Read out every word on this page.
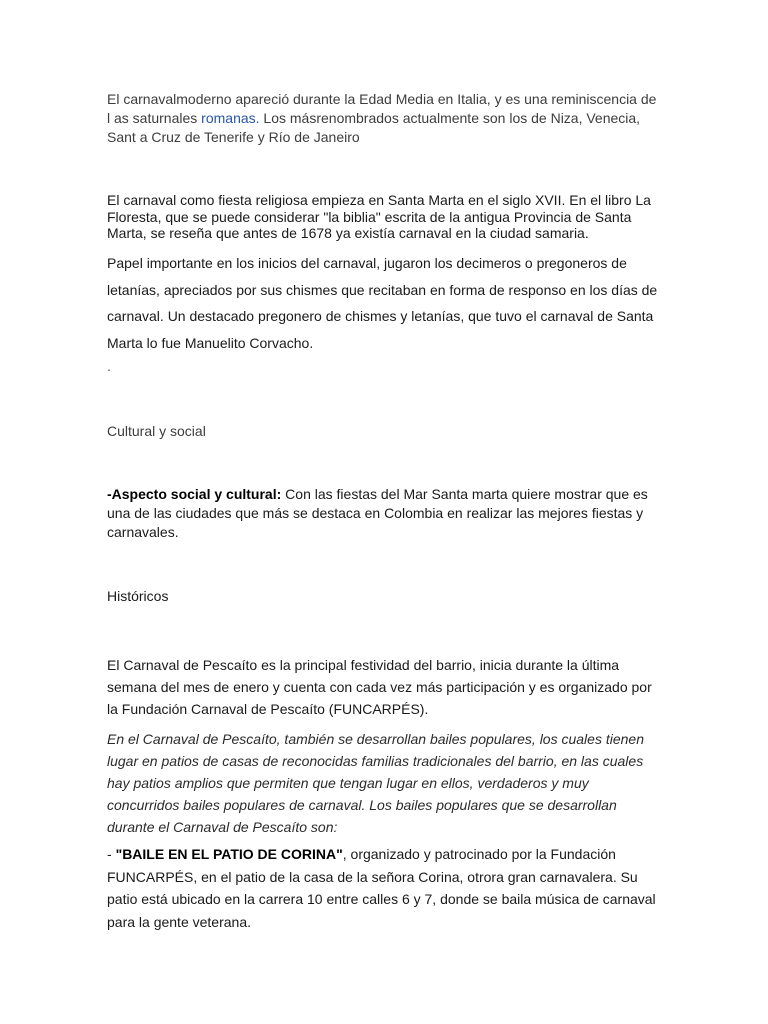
El carnavalmoderno apareció durante la Edad Media en Italia, y es una reminiscencia de l as saturnales romanas. Los másrenombrados actualmente son los de Niza, Venecia, Sant a Cruz de Tenerife y Río de Janeiro

El carnaval como fiesta religiosa empieza en Santa Marta en el siglo XVII. En el libro La Floresta, que se puede considerar "la biblia" escrita de la antigua Provincia de Santa Marta, se reseña que antes de 1678 ya existía carnaval en la ciudad samaria.

Papel importante en los inicios del carnaval, jugaron los decimeros o pregoneros de letanías, apreciados por sus chismes que recitaban en forma de responso en los días de carnaval. Un destacado pregonero de chismes y letanías, que tuvo el carnaval de Santa Marta lo fue Manuelito Corvacho.

.

Cultural y social

-Aspecto social y cultural: Con las fiestas del Mar Santa marta quiere mostrar que es una de las ciudades que más se destaca en Colombia en realizar las mejores fiestas y carnavales.

Históricos

El Carnaval de Pescaíto es la principal festividad del barrio, inicia durante la última semana del mes de enero y cuenta con cada vez más participación y es organizado por la Fundación Carnaval de Pescaíto (FUNCARPÉS).

En el Carnaval de Pescaíto, también se desarrollan bailes populares, los cuales tienen lugar en patios de casas de reconocidas familias tradicionales del barrio, en las cuales hay patios amplios que permiten que tengan lugar en ellos, verdaderos y muy concurridos bailes populares de carnaval. Los bailes populares que se desarrollan durante el Carnaval de Pescaíto son:

- "BAILE EN EL PATIO DE CORINA", organizado y patrocinado por la Fundación FUNCARPÉS, en el patio de la casa de la señora Corina, otrora gran carnavalera. Su patio está ubicado en la carrera 10 entre calles 6 y 7, donde se baila música de carnaval para la gente veterana.
